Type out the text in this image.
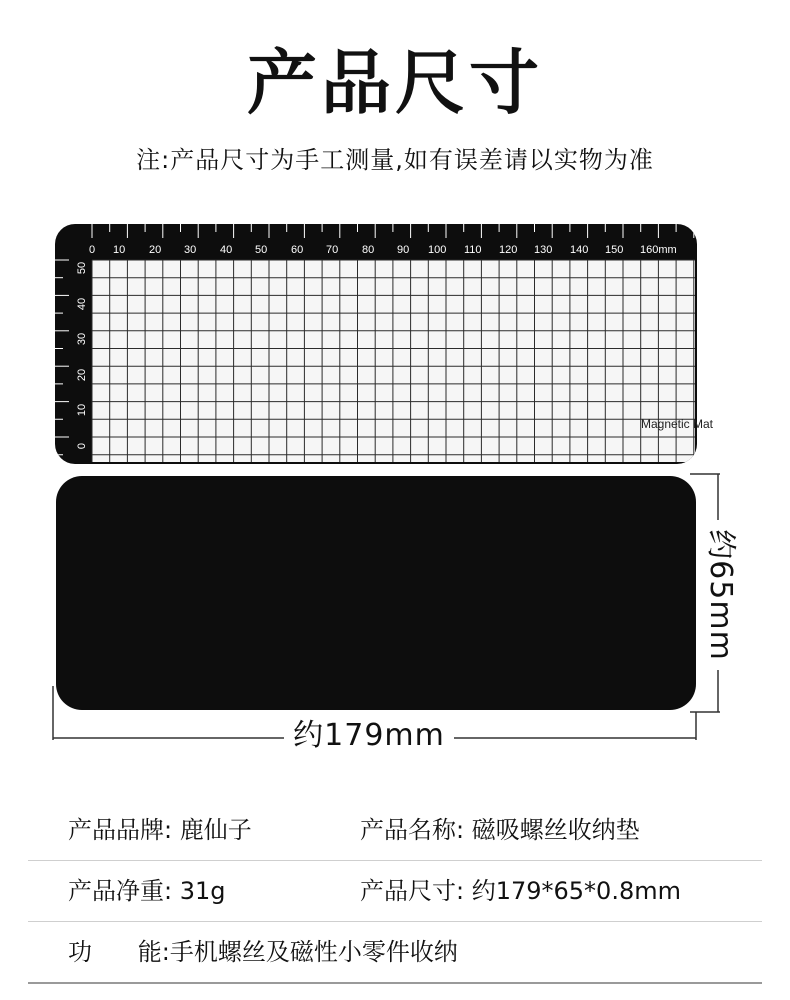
产品尺寸
注:产品尺寸为手工测量,如有误差请以实物为准
0 10 20 30 40 50 60 70 80 90 100 110 120 130 140 150 160mm
50
40
30
20
10
0
Magnetic Mat
约179mm
约65mm
产品品牌: 鹿仙子	产品名称: 磁吸螺丝收纳垫
产品净重: 31g	产品尺寸: 约179*65*0.8mm
功      能:手机螺丝及磁性小零件收纳
